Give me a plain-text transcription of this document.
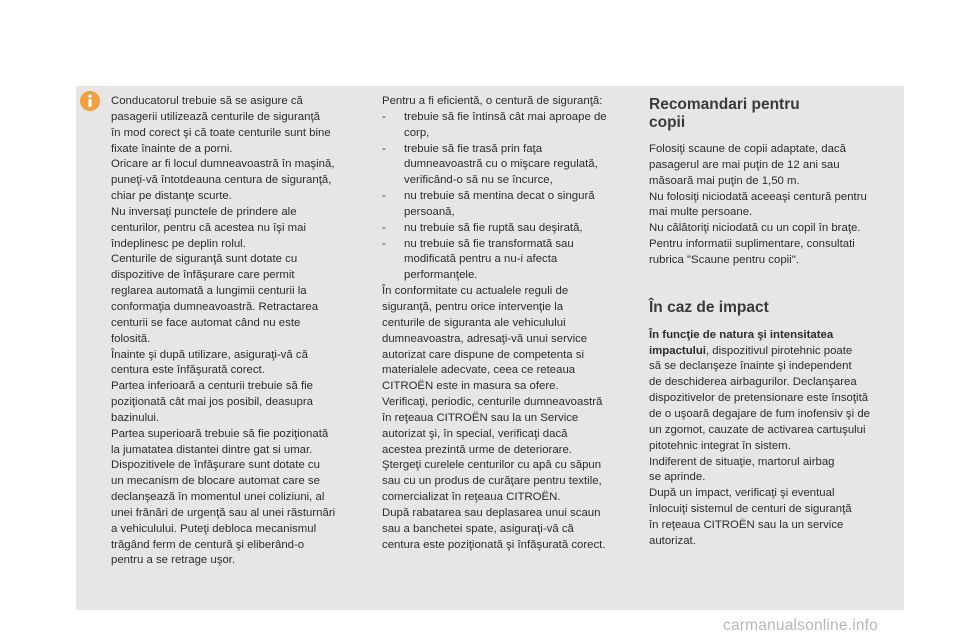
Conducatorul trebuie să se asigure că
pasagerii utilizează centurile de siguranţă
în mod corect şi că toate centurile sunt bine
fixate înainte de a porni.
Oricare ar fi locul dumneavoastră în maşină,
puneţi-vă întotdeauna centura de siguranţă,
chiar pe distanţe scurte.
Nu inversaţi punctele de prindere ale
centurilor, pentru că acestea nu îşi mai
îndeplinesc pe deplin rolul.
Centurile de siguranţă sunt dotate cu
dispozitive de înfăşurare care permit
reglarea automată a lungimii centurii la
conformaţia dumneavoastră. Retractarea
centurii se face automat când nu este
folosită.
Înainte şi după utilizare, asiguraţi-vă că
centura este înfăşurată corect.
Partea inferioară a centurii trebuie să fie
poziţionată cât mai jos posibil, deasupra
bazinului.
Partea superioară trebuie să fie poziţionată
la jumatatea distantei dintre gat si umar.
Dispozitivele de înfăşurare sunt dotate cu
un mecanism de blocare automat care se
declanşează în momentul unei coliziuni, al
unei frânări de urgenţă sau al unei răsturnări
a vehiculului. Puteţi debloca mecanismul
trăgând ferm de centură şi eliberând-o
pentru a se retrage uşor.

Pentru a fi eficientă, o centură de siguranţă:

- trebuie să fie întinsă cât mai aproape de
corp,
- trebuie să fie trasă prin faţa
dumneavoastră cu o mişcare regulată,
verificând-o să nu se încurce,
- nu trebuie să mentina decat o singură
persoană,
- nu trebuie să fie ruptă sau deşirată,
- nu trebuie să fie transformată sau
modificată pentru a nu-i afecta
performanţele.
În conformitate cu actualele reguli de
siguranţă, pentru orice intervenţie la
centurile de siguranta ale vehiculului
dumneavoastra, adresaţi-vă unui service
autorizat care dispune de competenta si
materialele adecvate, ceea ce reteaua
CITROËN este in masura sa ofere.
Verificaţi, periodic, centurile dumneavoastră
în reţeaua CITROËN sau la un Service
autorizat şi, în special, verificaţi dacă
acestea prezintă urme de deteriorare.
Ştergeţi curelele centurilor cu apă cu săpun
sau cu un produs de curăţare pentru textile,
comercializat în reţeaua CITROËN.
După rabatarea sau deplasarea unui scaun
sau a banchetei spate, asiguraţi-vă că
centura este poziţionată şi înfăşurată corect.
Recomandari pentru
copii
Folosiţi scaune de copii adaptate, dacă
pasagerul are mai puţin de 12 ani sau
măsoară mai puţin de 1,50 m.
Nu folosiţi niciodată aceeaşi centură pentru
mai multe persoane.
Nu călătoriţi niciodată cu un copil în braţe.
Pentru informatii suplimentare, consultati
rubrica "Scaune pentru copii".
În caz de impact
În funcţie de natura şi intensitatea
impactului, dispozitivul pirotehnic poate
să se declanşeze înainte şi independent
de deschiderea airbagurilor. Declanşarea
dispozitivelor de pretensionare este însoţită
de o uşoară degajare de fum inofensiv şi de
un zgomot, cauzate de activarea cartuşului
pitotehnic integrat în sistem.
Indiferent de situaţie, martorul airbag
se aprinde.
După un impact, verificaţi şi eventual
înlocuiţi sistemul de centuri de siguranţă
în reţeaua CITROËN sau la un service
autorizat.
carmanualsonline.info
